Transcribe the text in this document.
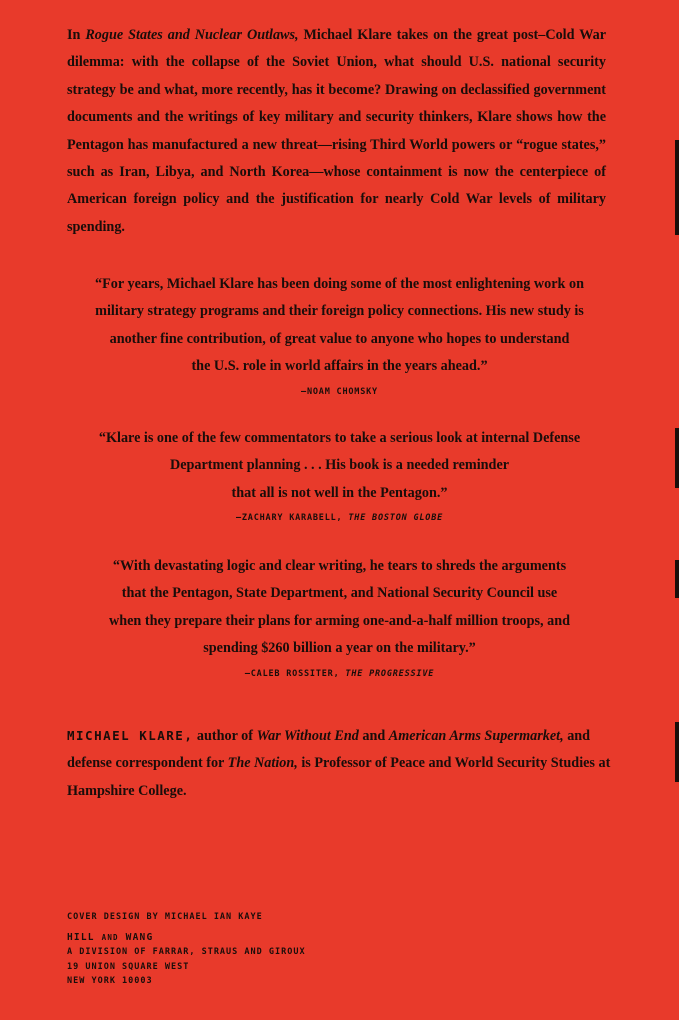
In Rogue States and Nuclear Outlaws, Michael Klare takes on the great post–Cold War dilemma: with the collapse of the Soviet Union, what should U.S. national security strategy be and what, more recently, has it become? Drawing on declassified government documents and the writings of key military and security thinkers, Klare shows how the Pentagon has manufactured a new threat—rising Third World powers or “rogue states,” such as Iran, Libya, and North Korea—whose containment is now the centerpiece of American foreign policy and the justification for nearly Cold War levels of military spending.
“For years, Michael Klare has been doing some of the most enlightening work on
military strategy programs and their foreign policy connections. His new study is
another fine contribution, of great value to anyone who hopes to understand
the U.S. role in world affairs in the years ahead.”
—NOAM CHOMSKY
“Klare is one of the few commentators to take a serious look at internal Defense
Department planning . . . His book is a needed reminder
that all is not well in the Pentagon.”
—ZACHARY KARABELL, THE BOSTON GLOBE
“With devastating logic and clear writing, he tears to shreds the arguments
that the Pentagon, State Department, and National Security Council use
when they prepare their plans for arming one-and-a-half million troops, and
spending $260 billion a year on the military.”
—CALEB ROSSITER, THE PROGRESSIVE
MICHAEL KLARE, author of War Without End and American Arms Supermarket, and defense correspondent for The Nation, is Professor of Peace and World Security Studies at Hampshire College.
COVER DESIGN BY MICHAEL IAN KAYE
HILL AND WANG
A DIVISION OF FARRAR, STRAUS AND GIROUX
19 UNION SQUARE WEST
NEW YORK 10003
